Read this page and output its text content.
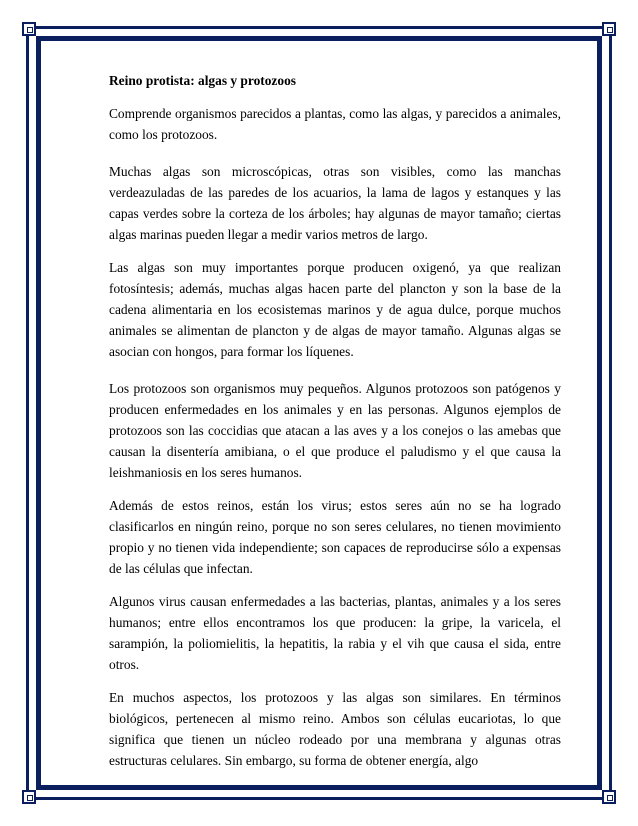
Reino protista: algas y protozoos

Comprende organismos parecidos a plantas, como las algas, y parecidos a animales, como los protozoos.

Muchas algas son microscópicas, otras son visibles, como las manchas verdeazuladas de las paredes de los acuarios, la lama de lagos y estanques y las capas verdes sobre la corteza de los árboles; hay algunas de mayor tamaño; ciertas algas marinas pueden llegar a medir varios metros de largo.

Las algas son muy importantes porque producen oxigenó, ya que realizan fotosíntesis; además, muchas algas hacen parte del plancton y son la base de la cadena alimentaria en los ecosistemas marinos y de agua dulce, porque muchos animales se alimentan de plancton y de algas de mayor tamaño. Algunas algas se asocian con hongos, para formar los líquenes.

Los protozoos son organismos muy pequeños. Algunos protozoos son patógenos y producen enfermedades en los animales y en las personas. Algunos ejemplos de protozoos son las coccidias que atacan a las aves y a los conejos o las amebas que causan la disentería amibiana, o el que produce el paludismo y el que causa la leishmaniosis en los seres humanos.

Además de estos reinos, están los virus; estos seres aún no se ha logrado clasificarlos en ningún reino, porque no son seres celulares, no tienen movimiento propio y no tienen vida independiente; son capaces de reproducirse sólo a expensas de las células que infectan.

Algunos virus causan enfermedades a las bacterias, plantas, animales y a los seres humanos; entre ellos encontramos los que producen: la gripe, la varicela, el sarampión, la poliomielitis, la hepatitis, la rabia y el vih que causa el sida, entre otros.

En muchos aspectos, los protozoos y las algas son similares. En términos biológicos, pertenecen al mismo reino. Ambos son células eucariotas, lo que significa que tienen un núcleo rodeado por una membrana y algunas otras estructuras celulares. Sin embargo, su forma de obtener energía, algo
